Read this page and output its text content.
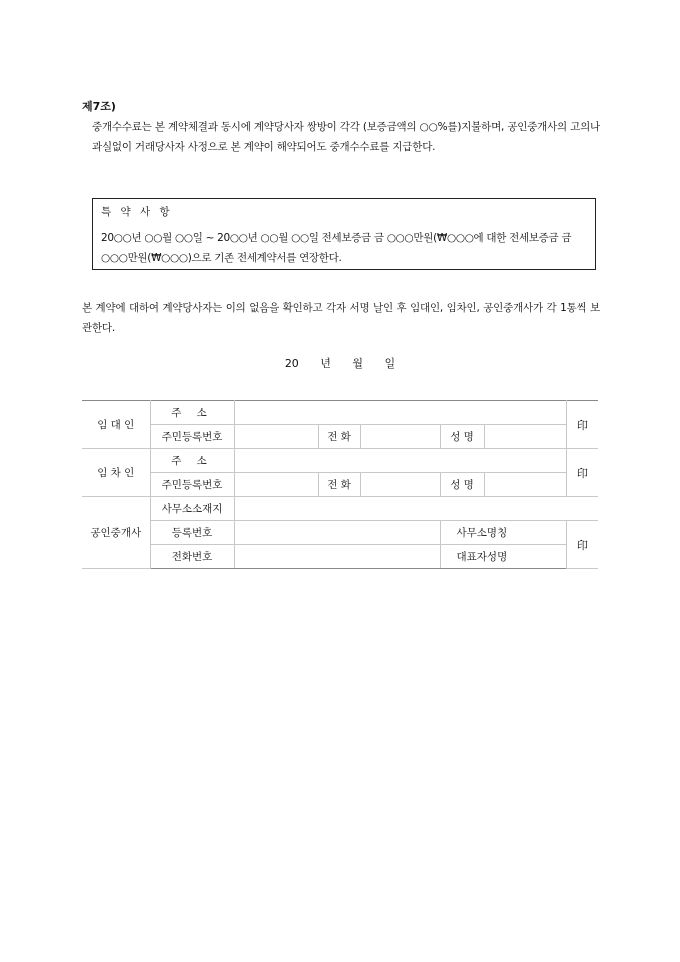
제7조)
중개수수료는 본 계약체결과 동시에 계약당사자 쌍방이 각각 (보증금액의 ○○%를)지불하며, 공인중개사의 고의나 과실없이 거래당사자 사정으로 본 계약이 해약되어도 중개수수료를 지급한다.
특 약 사 항
20○○년 ○○월 ○○일 ~ 20○○년 ○○월 ○○일 전세보증금 금 ○○○만원(₩○○○에 대한 전세보증금 금 ○○○만원(₩○○○)으로 기존 전세계약서를 연장한다.
본 계약에 대하여 계약당사자는 이의 없음을 확인하고 각자 서명 날인 후 임대인, 임차인, 공인중개사가 각 1통씩 보관한다.
20 년 월 일
임 대 인	주 소						印
	주민등록번호		전 화		성 명		
임 차 인	주 소						印
	주민등록번호		전 화		성 명		
공인중개사	사무소소재지						
	등록번호				사무소명칭		印
	전화번호				대표자성명		
